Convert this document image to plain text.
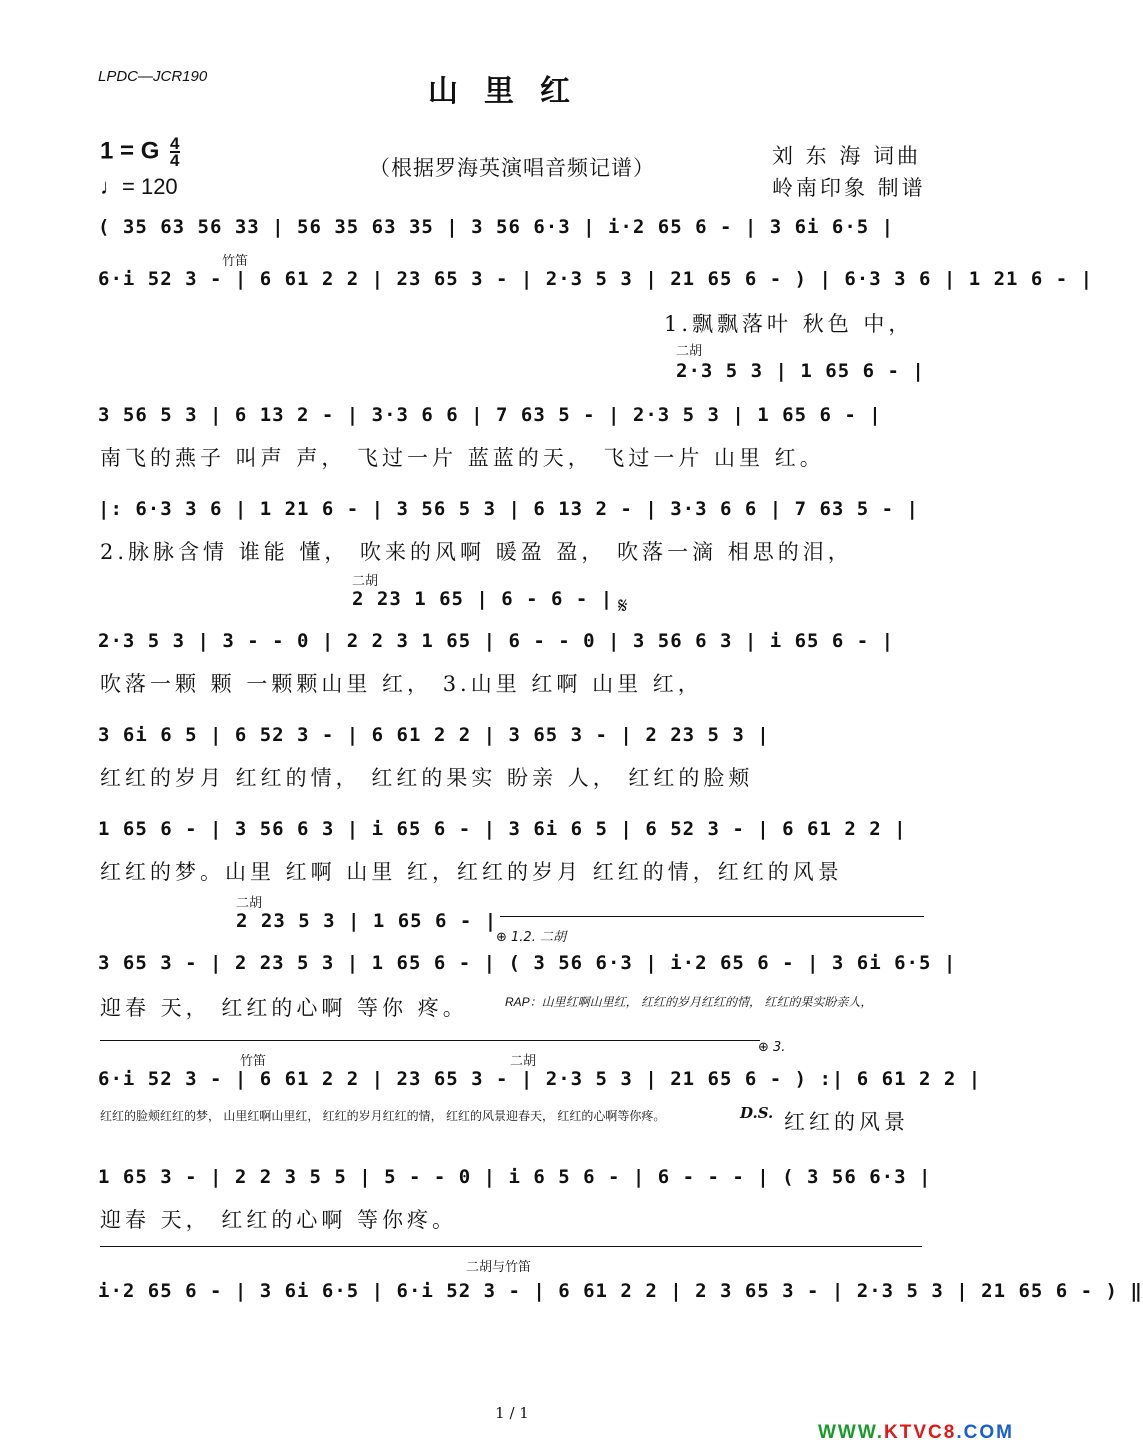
LPDC—JCR190	山里红
1 = G $\frac{4}{4}$
♩= 120
（根据罗海英演唱音频记谱）	刘 东 海 词曲
岭南印象 制谱
( 35 63 56 33 | 56 35 63 35 | 3 56 6·3 | i·2 65 6 - | 3 6i 6·5 |
竹笛
6·i 52 3 - | 6 61 2 2 | 23 65 3 - | 2·3 5 3 | 21 65 6 - ) | 6·3 3 6 | 1 21 6 - |
1.飘飘落叶 秋色 中，
二胡
2·3 5 3 | 1 65 6 - |
3 56 5 3 | 6 13 2 - | 3·3 6 6 | 7 63 5 - | 2·3 5 3 | 1 65 6 - |
南飞的燕子 叫声 声， 飞过一片 蓝蓝的天， 飞过一片 山里 红。
|: 6·3 3 6 | 1 21 6 - | 3 56 5 3 | 6 13 2 - | 3·3 6 6 | 7 63 5 - |
2.脉脉含情 谁能 懂， 吹来的风啊 暖盈 盈， 吹落一滴 相思的泪，
二胡
2 23 1 65 | 6 - 6 - |
2·3 5 3 | 3 - - 0 | 2 2 3 1 65 | 6 - - 0 | 3 56 6 3 | i 65 6 - |
𝄋
吹落一颗 颗 一颗颗山里 红， 3.山里 红啊 山里 红，
3 6i 6 5 | 6 52 3 - | 6 61 2 2 | 3 65 3 - | 2 23 5 3 |
红红的岁月 红红的情， 红红的果实 盼亲 人， 红红的脸颊
1 65 6 - | 3 56 6 3 | i 65 6 - | 3 6i 6 5 | 6 52 3 - | 6 61 2 2 |
红红的梦。山里 红啊 山里 红，红红的岁月 红红的情，红红的风景
二胡
2 23 5 3 | 1 65 6 - |
⊕ 1.2. 二胡
3 65 3 - | 2 23 5 3 | 1 65 6 - | ( 3 56 6·3 | i·2 65 6 - | 3 6i 6·5 |
迎春 天， 红红的心啊 等你 疼。	RAP：山里红啊山里红， 红红的岁月红红的情， 红红的果实盼亲人，
竹笛	二胡
⊕ 3.
6·i 52 3 - | 6 61 2 2 | 23 65 3 - | 2·3 5 3 | 21 65 6 - ) :| 6 61 2 2 |
红红的脸颊红红的梦， 山里红啊山里红， 红红的岁月红红的情， 红红的风景迎春天， 红红的心啊等你疼。	D.S. 红红的风景
1 65 3 - | 2 2 3 5 5 | 5 - - 0 | i 6 5 6 - | 6 - - - | ( 3 56 6·3 |
迎春 天， 红红的心啊 等你疼。
二胡与竹笛
i·2 65 6 - | 3 6i 6·5 | 6·i 52 3 - | 6 61 2 2 | 2 3 65 3 - | 2·3 5 3 | 21 65 6 - ) ‖
1 / 1
WWW.KTVC8.COM
